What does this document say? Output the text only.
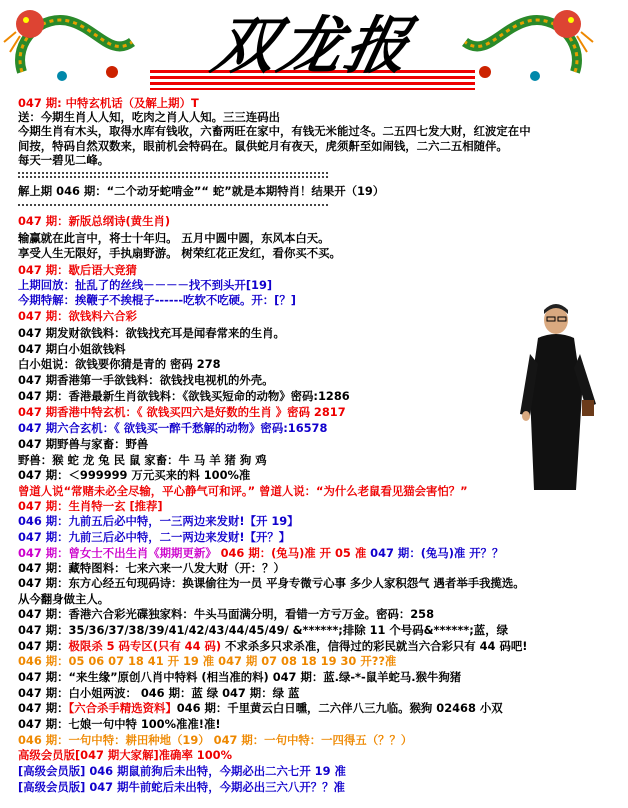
双龙报
047 期: 中特玄机话（及解上期）T
送：今期生肖人人知，吃肉之肖人人知。三三连码出
今期生肖有木头，取得水库有钱收，六畜两旺在家中，有钱无米能过冬。二五四七发大财，红波定在中
间按，特码自然双数来，眼前机会特码在。鼠供蛇月有夜天，虎须鼾至如闹钱，二六二五相随伴。
每天一碧见二峰。
解上期 046 期：“二个动牙蛇啃金”“ 蛇”就是本期特肖！结果开（19）
047 期：新版总纲诗(黄生肖)
输赢就在此言中，将士十年归。 五月中圆中圆，东风本白天。
享受人生无限好，手执扇野游。 树荣红花正发红，看你买不买。
047 期：歇后语大竞猜
上期回放：扯乱了的丝线－－－－找不到头开[19]
今期特解：挨鞭子不挨棍子------吃软不吃硬。开：[？]
047 期：欲钱料六合彩
047 期发财欲钱料：欲钱找充耳是闻春常来的生肖。
047 期白小姐欲钱料
白小姐说：欲钱要你猜是青的 密码 278
047 期香港第一手欲钱料：欲钱找电视机的外壳。
047 期：香港最新生肖欲钱料：《欲钱买短命的动物》密码:1286
047 期香港中特玄机：《 欲钱买四六是好数的生肖 》密码 2817
047 期六合玄机：《 欲钱买一醉千愁解的动物》密码:16578
047 期野兽与家畜：野兽
野兽：猴 蛇 龙 兔 民 鼠 家畜：牛 马 羊 猪 狗 鸡
047 期：＜999999 万元买来的料 100%准
曾道人说“常赌未必全尽输，平心静气可和评。” 曾道人说：“为什么老鼠看见猫会害怕？”
047 期：生肖特一玄 [推荐]
046 期：九前五后必中特，一三两边来发财!【开 19】
047 期：九前三后必中特，二一两边来发财!【开？】
047 期：曾女士不出生肖《期期更新》 046 期：(兔马)准 开 05 准 047 期：(兔马)准 开？？
047 期：藏特图料：七来六来一八发大财（开：？）
047 期：东方心经五句现码诗：换课偷往为一员 平身专微亏心事 多少人家积怨气 遇者举手我揽选。
从今翻身做主人。
047 期：香港六合彩光碟独家料：牛头马面满分明，看错一方亏万金。密码：258
047 期：35/36/37/38/39/41/42/43/44/45/49/ &******;排除 11 个号码&******;蓝，绿
047 期：极限杀 5 码专区(只有 44 码) 不求杀多只求杀准，信得过的彩民就当六合彩只有 44 码吧!
046 期：05 06 07 18 41 开 19 准 047 期 07 08 18 19 30 开??准
047 期：“来生缘”原创八肖中特料 (相当准的料) 047 期：蓝.绿-*-鼠羊蛇马.猴牛狗猪
047 期：白小姐两波： 046 期：蓝 绿 047 期：绿 蓝
047 期：【六合杀手精选资料】046 期：千里黄云白日曛，二六伴八三九临。猴狗 02468 小双
047 期：七娘一句中特 100%准准!准!
046 期：一句中特：耕田种地（19） 047 期：一句中特：一四得五（？？）
高级会员版[047 期大家解]准确率 100%
[高级会员版] 046 期鼠前狗后未出特，今期必出二六七开 19 准
[高级会员版] 047 期牛前蛇后未出特，今期必出三六八开？？准
